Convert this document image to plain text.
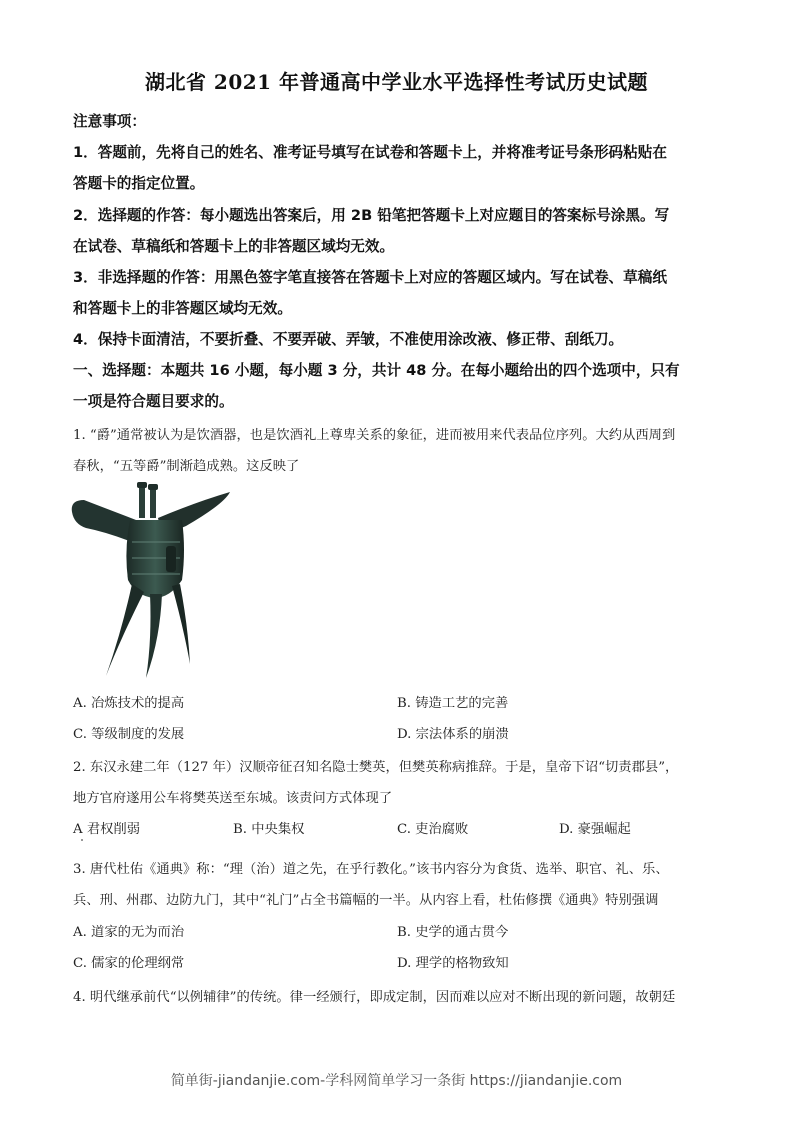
湖北省 2021 年普通高中学业水平选择性考试历史试题
注意事项：
1．答题前，先将自己的姓名、准考证号填写在试卷和答题卡上，并将准考证号条形码粘贴在
答题卡的指定位置。
2．选择题的作答：每小题选出答案后，用 2B 铅笔把答题卡上对应题目的答案标号涂黑。写
在试卷、草稿纸和答题卡上的非答题区域均无效。
3．非选择题的作答：用黑色签字笔直接答在答题卡上对应的答题区域内。写在试卷、草稿纸
和答题卡上的非答题区域均无效。
4．保持卡面清洁，不要折叠、不要弄破、弄皱，不准使用涂改液、修正带、刮纸刀。
一、选择题：本题共 16 小题，每小题 3 分，共计 48 分。在每小题给出的四个选项中，只有
一项是符合题目要求的。
1. “爵”通常被认为是饮酒器，也是饮酒礼上尊卑关系的象征，进而被用来代表品位序列。大约从西周到
春秋，“五等爵”制渐趋成熟。这反映了
A. 冶炼技术的提高	B. 铸造工艺的完善
C. 等级制度的发展	D. 宗法体系的崩溃
2. 东汉永建二年（127 年）汉顺帝征召知名隐士樊英，但樊英称病推辞。于是，皇帝下诏“切责郡县”，
地方官府遂用公车将樊英送至东城。该责问方式体现了
A 君权削弱	B. 中央集权	C. 吏治腐败	D. 豪强崛起
3. 唐代杜佑《通典》称：“理（治）道之先，在乎行教化。”该书内容分为食货、选举、职官、礼、乐、
兵、刑、州郡、边防九门，其中“礼门”占全书篇幅的一半。从内容上看，杜佑修撰《通典》特别强调
A. 道家的无为而治	B. 史学的通古贯今
C. 儒家的伦理纲常	D. 理学的格物致知
4. 明代继承前代“以例辅律”的传统。律一经颁行，即成定制，因而难以应对不断出现的新问题，故朝廷
简单街-jiandanjie.com-学科网简单学习一条街 https://jiandanjie.com
